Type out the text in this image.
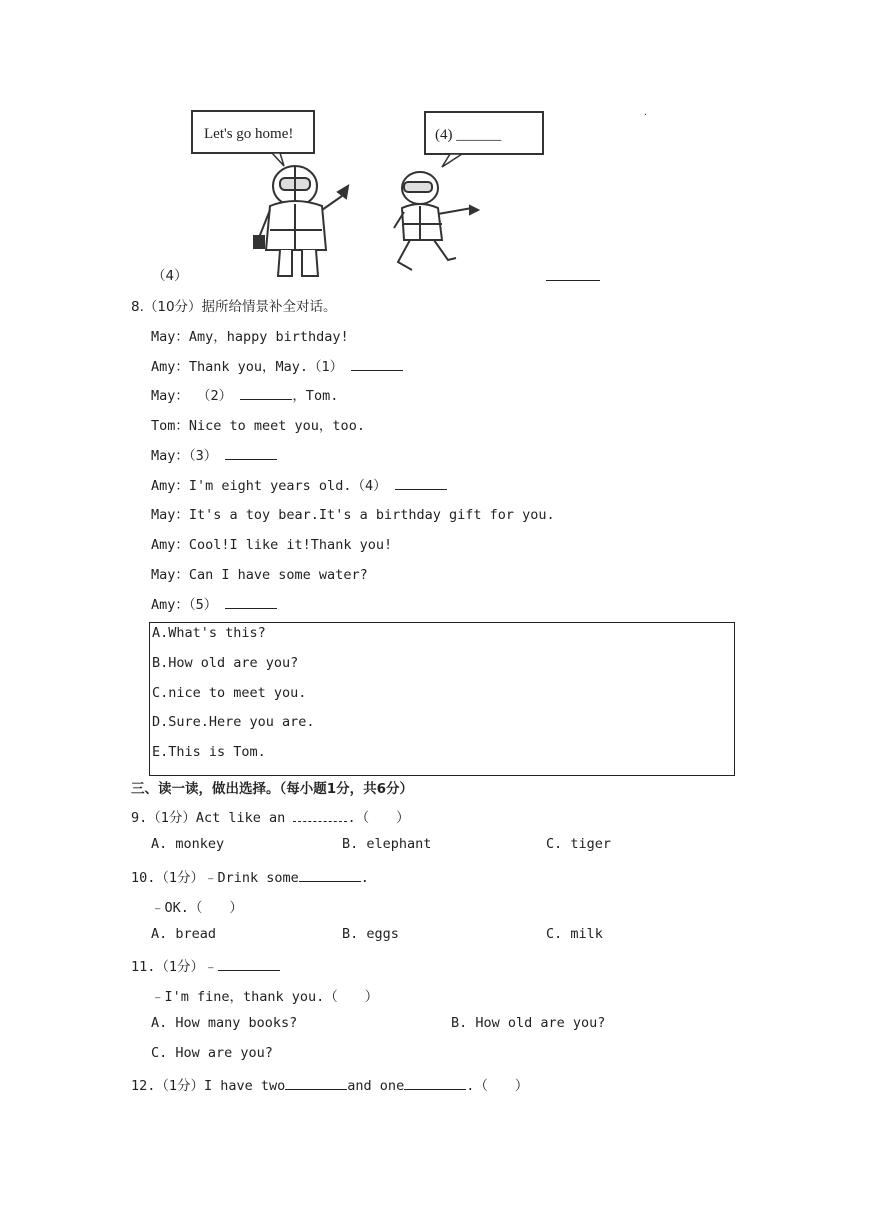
Let's go home!	(4) ______
（4）
.
8.（10分）据所给情景补全对话。
May：Amy，happy birthday!
Amy：Thank you，May.（1）
May： （2）	，Tom.
Tom：Nice to meet you，too.
May：（3）
Amy：I'm eight years old.（4）
May：It's a toy bear.It's a birthday gift for you.
Amy：Cool!I like it!Thank you!
May：Can I have some water?
Amy：（5）
A.What's this?
B.How old are you?
C.nice to meet you.
D.Sure.Here you are.
E.This is Tom.
三、读一读，做出选择。（每小题1分，共6分）
9.（1分）Act like an	.（　　）
A. monkey	B. elephant	C. tiger
10.（1分）﹣Drink some	.
﹣OK.（　　）
A. bread	B. eggs	C. milk
11.（1分）﹣
﹣I'm fine，thank you.（　　）
A. How many books?	B. How old are you?
C. How are you?
12.（1分）I have two	and one	.（　　）
